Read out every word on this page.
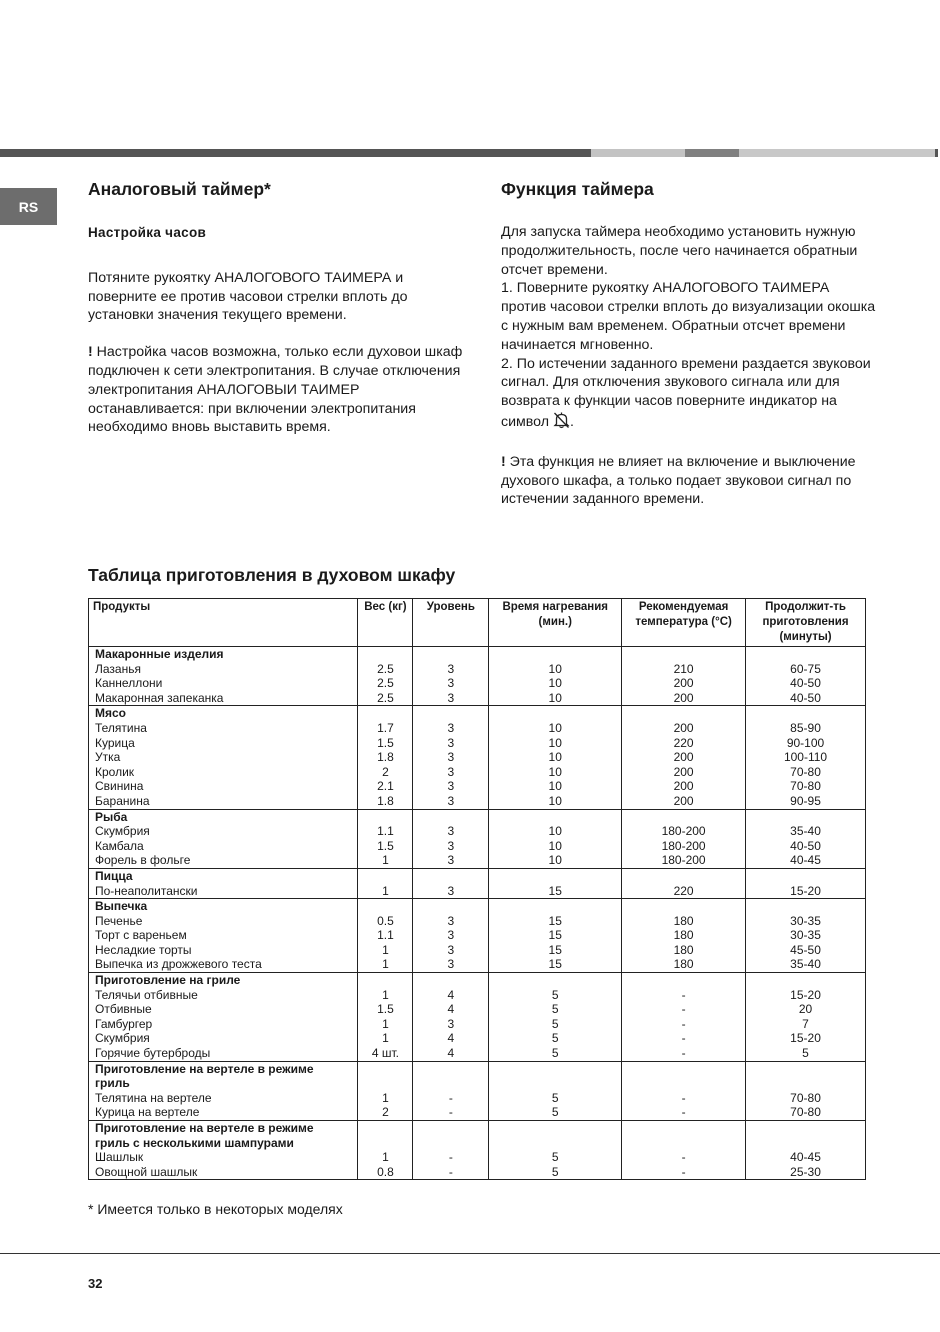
RS
Аналоговый таймер*
Настройка часов

Потяните рукоятку АНАЛОГОВОГО ТАИМЕРА и поверните ее против часовои стрелки вплоть до установки значения текущего времени.

! Настройка часов возможна, только если духовои шкаф подключен к сети электропитания. В случае отключения электропитания АНАЛОГОВЫИ ТАИМЕР останавливается: при включении электропитания необходимо вновь выставить время.

Функция таймера
Для запуска таймера необходимо установить нужную продолжительность, после чего начинается обратныи отсчет времени.
1. Поверните рукоятку АНАЛОГОВОГО ТАИМЕРА против часовои стрелки вплоть до визуализации окошка с нужным вам временем. Обратныи отсчет времени начинается мгновенно.
2. По истечении заданного времени раздается звуковои сигнал. Для отключения звукового сигнала или для возврата к функции часов поверните индикатор на символ .

! Эта функция не влияет на включение и выключение духового шкафа, а только подает звуковои сигнал по истечении заданного времени.

Таблица приготовления в духовом шкафу
Продукты	Вес (кг)	Уровень	Время нагревания (мин.)	Рекомендуемая температура (°C)	Продолжит-ть приготовления (минуты)
Макаронные изделия					
Лазанья	2.5	3	10	210	60-75
Каннеллони	2.5	3	10	200	40-50
Макаронная запеканка	2.5	3	10	200	40-50
Мясо					
Телятина	1.7	3	10	200	85-90
Курица	1.5	3	10	220	90-100
Утка	1.8	3	10	200	100-110
Кролик	2	3	10	200	70-80
Свинина	2.1	3	10	200	70-80
Баранина	1.8	3	10	200	90-95
Рыба					
Скумбрия	1.1	3	10	180-200	35-40
Камбала	1.5	3	10	180-200	40-50
Форель в фольге	1	3	10	180-200	40-45
Пицца					
По-неаполитански	1	3	15	220	15-20
Выпечка					
Печенье	0.5	3	15	180	30-35
Торт с вареньем	1.1	3	15	180	30-35
Несладкие торты	1	3	15	180	45-50
Выпечка из дрожжевого теста	1	3	15	180	35-40
Приготовление на гриле					
Телячьи отбивные	1	4	5	-	15-20
Отбивные	1.5	4	5	-	20
Гамбургер	1	3	5	-	7
Скумбрия	1	4	5	-	15-20
Горячие бутерброды	4 шт.	4	5	-	5
Приготовление на вертеле в режиме гриль					
Телятина на вертеле	1	-	5	-	70-80
Курица на вертеле	2	-	5	-	70-80
Приготовление на вертеле в режиме гриль с несколькими шампурами					
Шашлык	1	-	5	-	40-45
Овощной шашлык	0.8	-	5	-	25-30
* Имеется только в некоторых моделях
32
